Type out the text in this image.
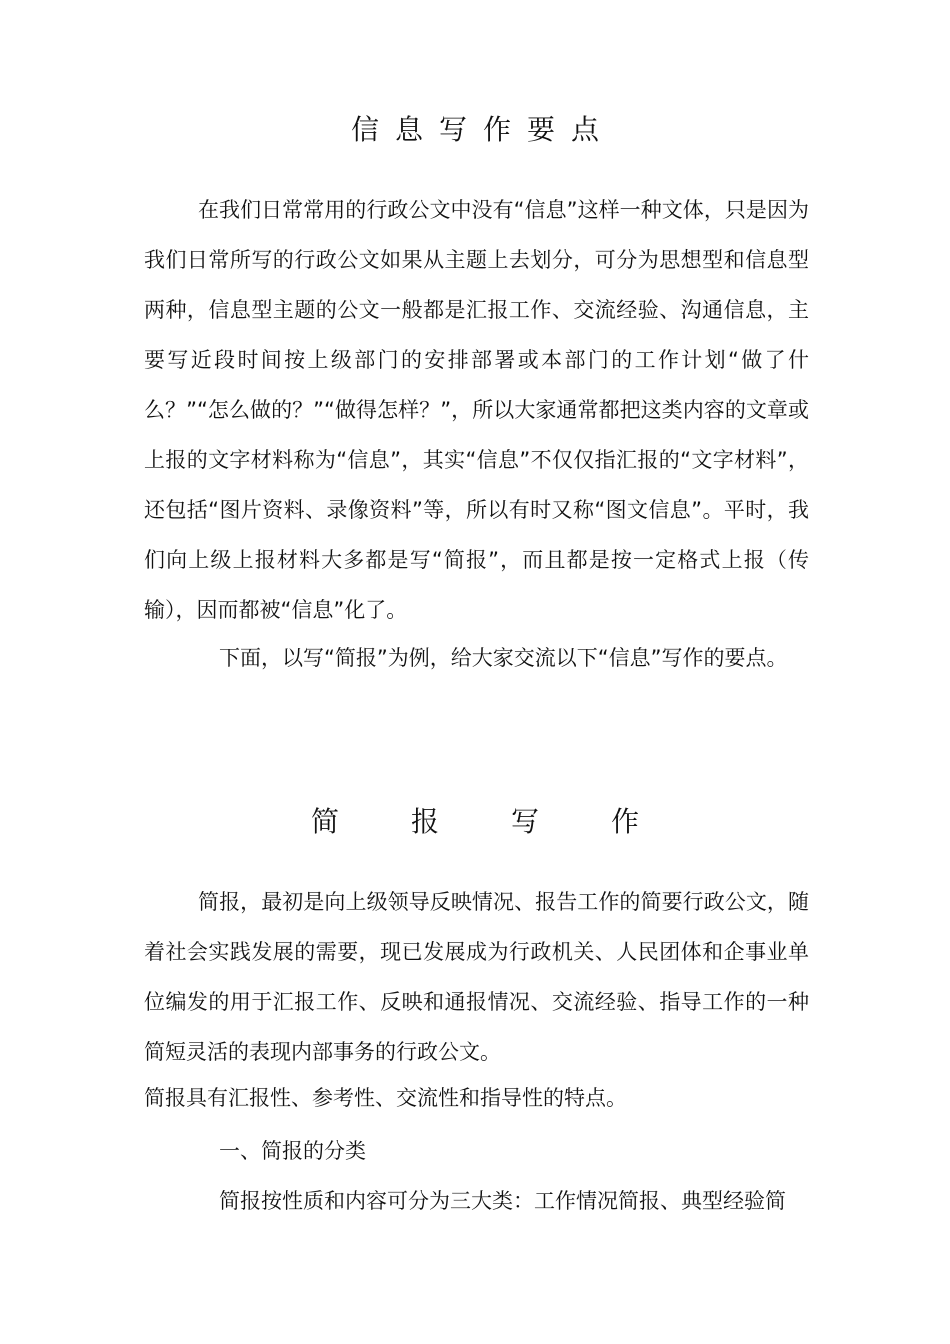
信息写作要点

在我们日常常用的行政公文中没有“信息”这样一种文体，只是因为我们日常所写的行政公文如果从主题上去划分，可分为思想型和信息型两种，信息型主题的公文一般都是汇报工作、交流经验、沟通信息，主要写近段时间按上级部门的安排部署或本部门的工作计划“做了什么？”“怎么做的？”“做得怎样？”，所以大家通常都把这类内容的文章或上报的文字材料称为“信息”，其实“信息”不仅仅指汇报的“文字材料”，还包括“图片资料、录像资料”等，所以有时又称“图文信息”。平时，我们向上级上报材料大多都是写“简报”，而且都是按一定格式上报（传输），因而都被“信息”化了。

下面，以写“简报”为例，给大家交流以下“信息”写作的要点。

简报写作

简报，最初是向上级领导反映情况、报告工作的简要行政公文，随着社会实践发展的需要，现已发展成为行政机关、人民团体和企事业单位编发的用于汇报工作、反映和通报情况、交流经验、指导工作的一种简短灵活的表现内部事务的行政公文。

简报具有汇报性、参考性、交流性和指导性的特点。

一、简报的分类

简报按性质和内容可分为三大类：工作情况简报、典型经验简
